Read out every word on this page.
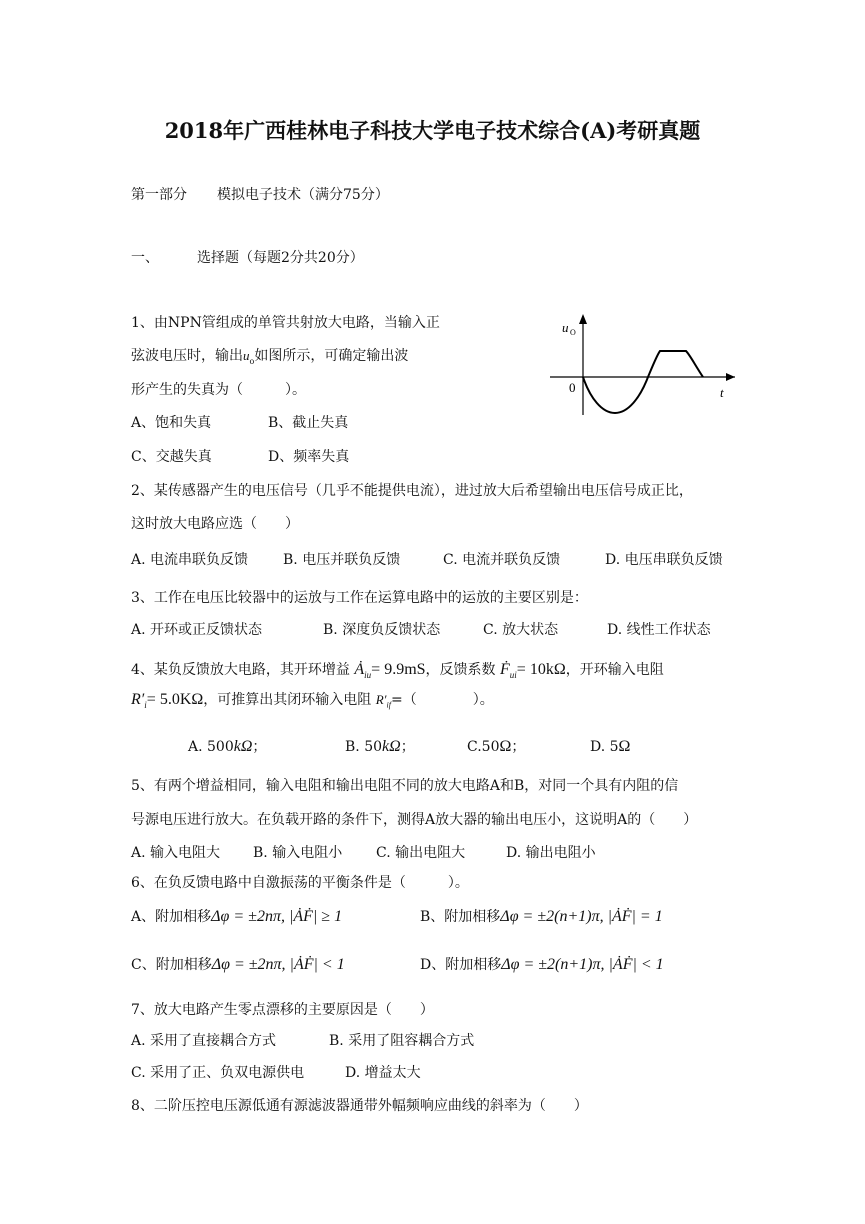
2018年广西桂林电子科技大学电子技术综合(A)考研真题
第一部分 模拟电子技术（满分75分）
一、	选择题（每题2分共20分）
1、由NPN管组成的单管共射放大电路，当输入正
弦波电压时，输出$u_o$如图所示，可确定输出波
形产生的失真为（　　　）。
A、饱和失真	B、截止失真
C、交越失真	D、频率失真
u O
0	t
2、某传感器产生的电压信号（几乎不能提供电流），进过放大后希望输出电压信号成正比，
这时放大电路应选（　　）
A. 电流串联负反馈 B. 电压并联负反馈	C. 电流并联负反馈	D. 电压串联负反馈
3、工作在电压比较器中的运放与工作在运算电路中的运放的主要区别是：
A. 开环或正反馈状态	B. 深度负反馈状态	C. 放大状态	D. 线性工作状态
4、某负反馈放大电路，其开环增益 $Ȧ_{iu}= 9.9mS$，反馈系数 Ḟ$_{ui}$= 10kΩ，开环输入电阻
$R'_i= 5.0K\Omega$，可推算出其闭环输入电阻 $R'_{if}=$（　　　　）。
A. 500kΩ；	B. 50kΩ；	C.50Ω；	D. 5Ω
5、有两个增益相同，输入电阻和输出电阻不同的放大电路A和B，对同一个具有内阻的信
号源电压进行放大。在负载开路的条件下，测得A放大器的输出电压小，这说明A的（　　）
A. 输入电阻大 B. 输入电阻小 C. 输出电阻大	D. 输出电阻小
6、在负反馈电路中自激振荡的平衡条件是（　　　）。
A、附加相移Δφ = ±2nπ, |ȦḞ| ≥ 1	B、附加相移Δφ = ±2(n+1)π, |ȦḞ| = 1
C、附加相移Δφ = ±2nπ, |ȦḞ| < 1	D、附加相移Δφ = ±2(n+1)π, |ȦḞ| < 1
7、放大电路产生零点漂移的主要原因是（　　）
A. 采用了直接耦合方式	B. 采用了阻容耦合方式
C. 采用了正、负双电源供电	D. 增益太大
8、二阶压控电压源低通有源滤波器通带外幅频响应曲线的斜率为（　　）
